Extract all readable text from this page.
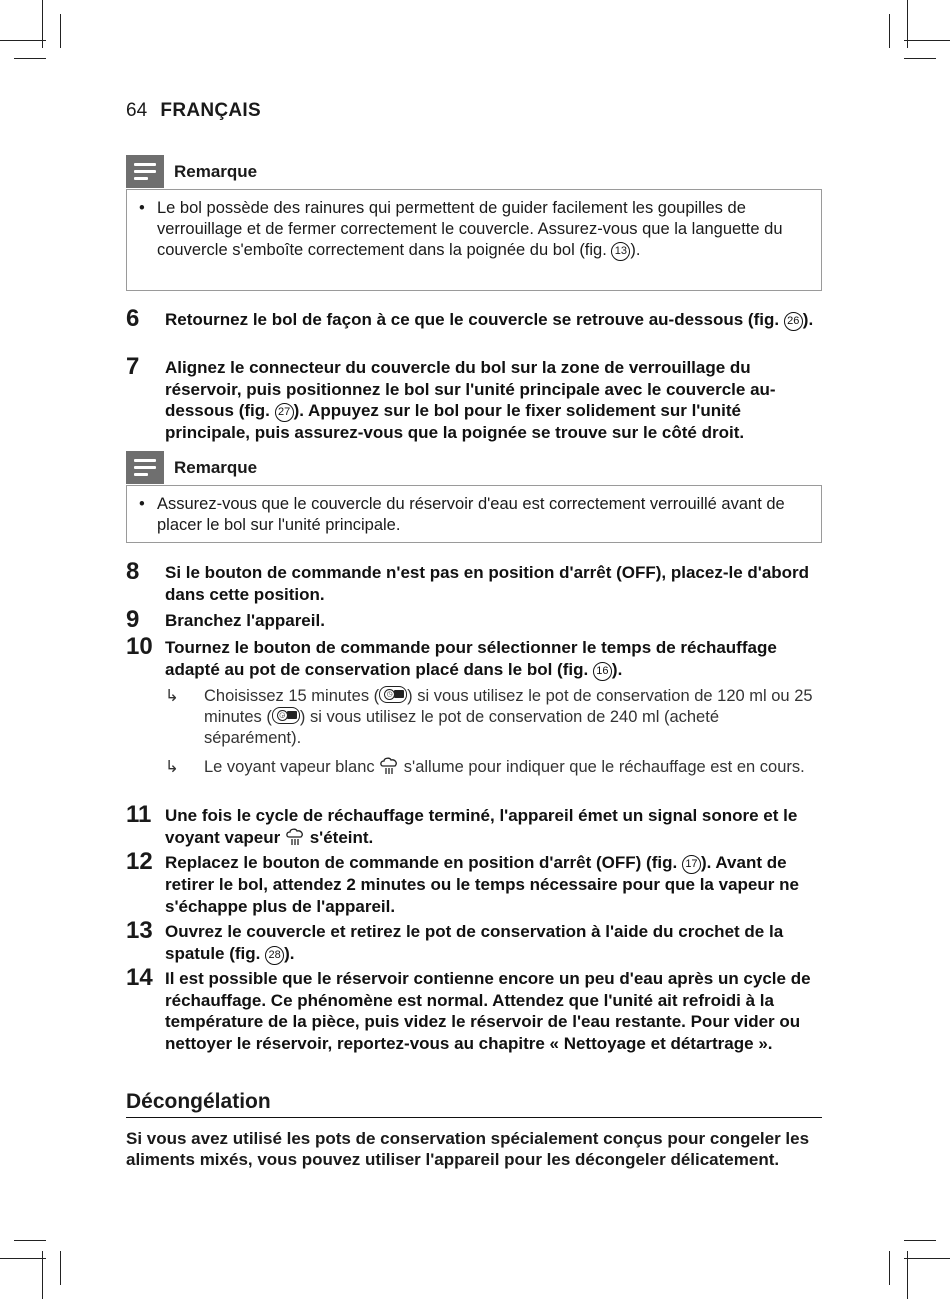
64 FRANÇAIS
Remarque
• Le bol possède des rainures qui permettent de guider facilement les goupilles de verrouillage et de fermer correctement le couvercle. Assurez-vous que la languette du couvercle s'emboîte correctement dans la poignée du bol (fig. 13 ).
6 Retournez le bol de façon à ce que le couvercle se retrouve au-dessous (fig. 26 ).
7 Alignez le connecteur du couvercle du bol sur la zone de verrouillage du réservoir, puis positionnez le bol sur l'unité principale avec le couvercle au-dessous (fig. 27 ). Appuyez sur le bol pour le fixer solidement sur l'unité principale, puis assurez-vous que la poignée se trouve sur le côté droit.
Remarque
• Assurez-vous que le couvercle du réservoir d'eau est correctement verrouillé avant de placer le bol sur l'unité principale.
8 Si le bouton de commande n'est pas en position d'arrêt (OFF), placez-le d'abord dans cette position.
9 Branchez l'appareil.
10 Tournez le bouton de commande pour sélectionner le temps de réchauffage adapté au pot de conservation placé dans le bol (fig. 16 ).
↳ Choisissez 15 minutes (	◷ ) si vous utilisez le pot de conservation de 120 ml ou 25 minutes (	◶ ) si vous utilisez le pot de conservation de 240 ml (acheté séparément).
↳ Le voyant vapeur blanc  s'allume pour indiquer que le réchauffage est en cours.
11 Une fois le cycle de réchauffage terminé, l'appareil émet un signal sonore et le voyant vapeur  s'éteint.
12 Replacez le bouton de commande en position d'arrêt (OFF) (fig. 17 ). Avant de retirer le bol, attendez 2 minutes ou le temps nécessaire pour que la vapeur ne s'échappe plus de l'appareil.
13 Ouvrez le couvercle et retirez le pot de conservation à l'aide du crochet de la spatule (fig. 28 ).
14 Il est possible que le réservoir contienne encore un peu d'eau après un cycle de réchauffage. Ce phénomène est normal. Attendez que l'unité ait refroidi à la température de la pièce, puis videz le réservoir de l'eau restante. Pour vider ou nettoyer le réservoir, reportez-vous au chapitre « Nettoyage et détartrage ».
Décongélation
Si vous avez utilisé les pots de conservation spécialement conçus pour congeler les aliments mixés, vous pouvez utiliser l'appareil pour les décongeler délicatement.
